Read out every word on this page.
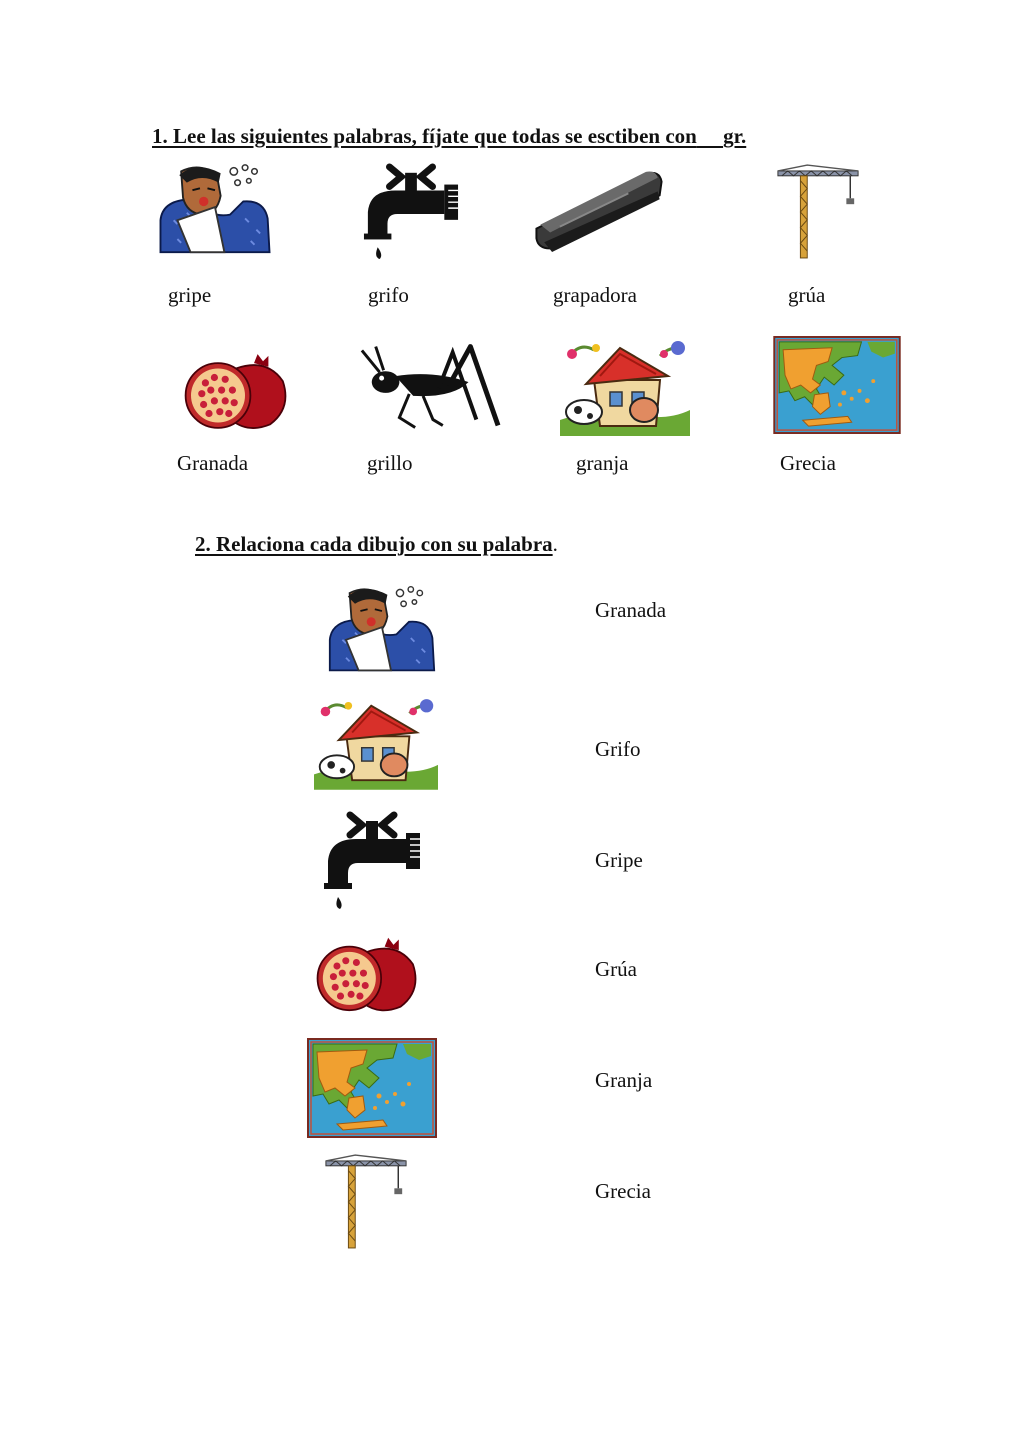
1. Lee las siguientes palabras, fíjate que todas se esctiben con gr.
gripe	grifo	grapadora	grúa
Granada	grillo	granja	Grecia
2. Relaciona cada dibujo con su palabra.
Granada
Grifo
Gripe
Grúa
Granja
Grecia
